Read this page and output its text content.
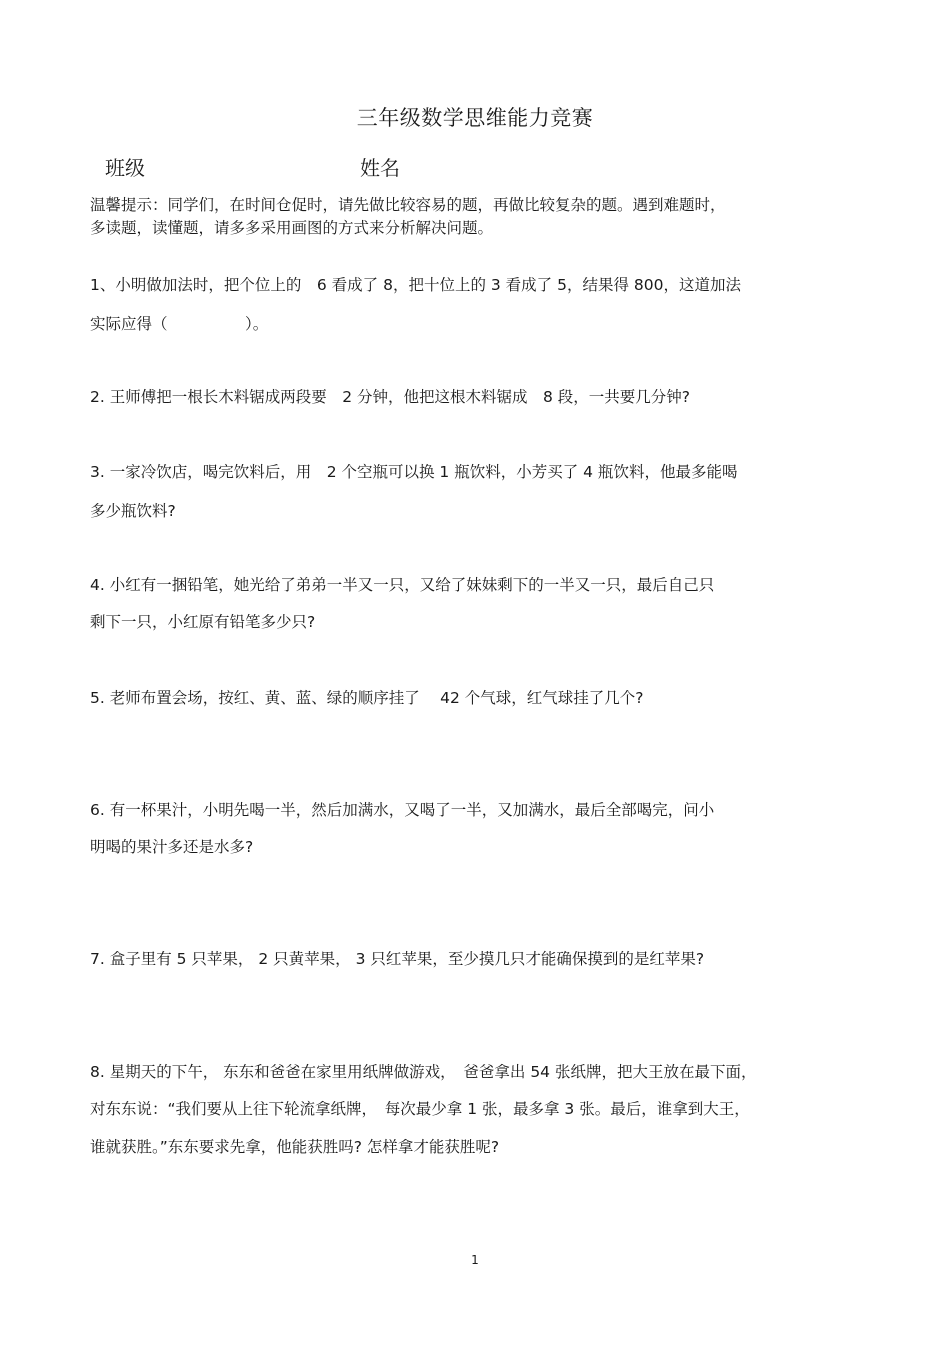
三年级数学思维能力竞赛
班级	姓名
温馨提示：同学们，在时间仓促时，请先做比较容易的题，再做比较复杂的题。遇到难题时，
多读题，读懂题，请多多采用画图的方式来分析解决问题。
1、小明做加法时，把个位上的　6 看成了 8，把十位上的 3 看成了 5，结果得 800，这道加法
实际应得（　　　　　）。
2. 王师傅把一根长木料锯成两段要　2 分钟，他把这根木料锯成　8 段，一共要几分钟?
3. 一家冷饮店，喝完饮料后，用　2 个空瓶可以换 1 瓶饮料，小芳买了 4 瓶饮料，他最多能喝
多少瓶饮料?
4. 小红有一捆铅笔，她光给了弟弟一半又一只，又给了妹妹剩下的一半又一只，最后自己只
剩下一只，小红原有铅笔多少只?
5. 老师布置会场，按红、黄、蓝、绿的顺序挂了　 42 个气球，红气球挂了几个?
6. 有一杯果汁，小明先喝一半，然后加满水，又喝了一半，又加满水，最后全部喝完，问小
明喝的果汁多还是水多?
7. 盒子里有 5 只苹果， 2 只黄苹果， 3 只红苹果，至少摸几只才能确保摸到的是红苹果?
8. 星期天的下午， 东东和爸爸在家里用纸牌做游戏，　爸爸拿出 54 张纸牌，把大王放在最下面，
对东东说：“我们要从上往下轮流拿纸牌，　每次最少拿 1 张，最多拿 3 张。最后，谁拿到大王，
谁就获胜。”东东要求先拿，他能获胜吗? 怎样拿才能获胜呢?
1
